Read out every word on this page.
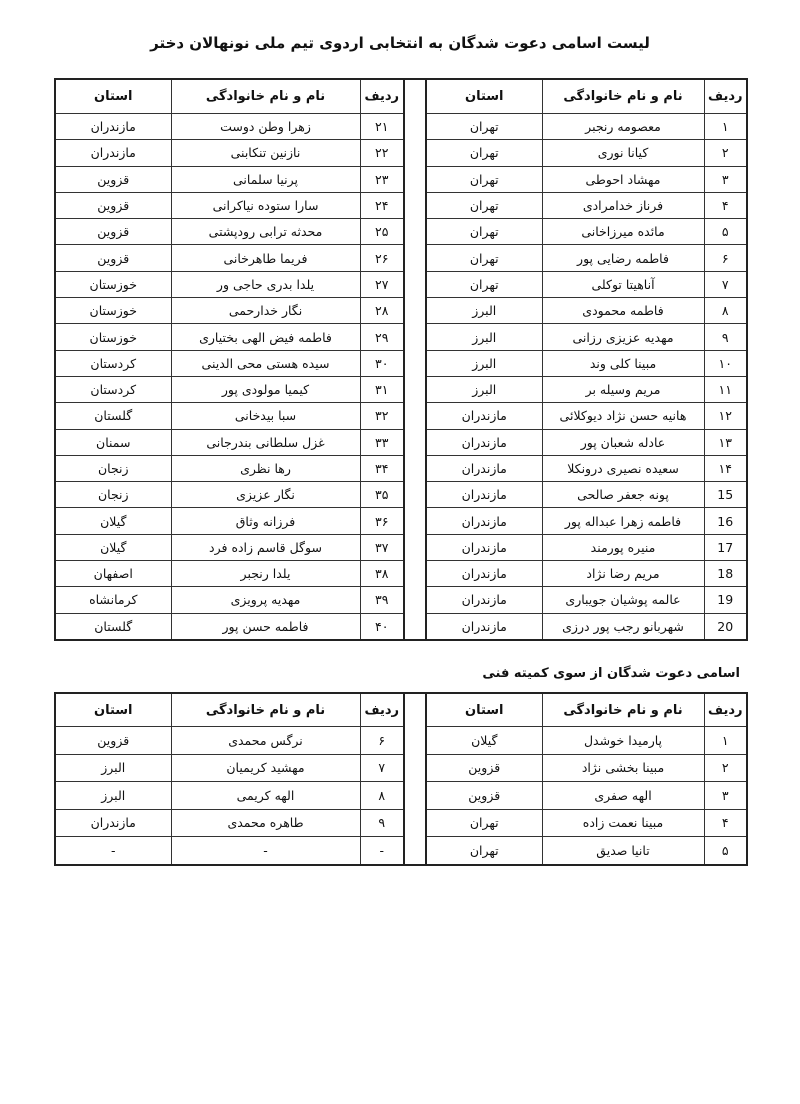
لیست اسامی دعوت شدگان به انتخابی اردوی تیم ملی نونهالان دختر
ردیف	نام و نام خانوادگی	استان		ردیف	نام و نام خانوادگی	استان
۱	معصومه رنجبر	تهران		۲۱	زهرا وطن دوست	مازندران
۲	کیانا نوری	تهران		۲۲	نازنین تنکابنی	مازندران
۳	مهشاد احوطی	تهران		۲۳	پرنیا سلمانی	قزوین
۴	فرناز خدامرادی	تهران		۲۴	سارا ستوده نیاکرانی	قزوین
۵	مائده میرزاخانی	تهران		۲۵	محدثه ترابی رودپشتی	قزوین
۶	فاطمه رضایی پور	تهران		۲۶	فریما طاهرخانی	قزوین
۷	آناهیتا توکلی	تهران		۲۷	یلدا بدری حاجی ور	خوزستان
۸	فاطمه محمودی	البرز		۲۸	نگار خدارحمی	خوزستان
۹	مهدیه عزیزی رزانی	البرز		۲۹	فاطمه فیض الهی بختیاری	خوزستان
۱۰	مبینا کلی وند	البرز		۳۰	سیده هستی محی الدینی	کردستان
۱۱	مریم وسیله بر	البرز		۳۱	کیمیا مولودی پور	کردستان
۱۲	هانیه حسن نژاد دیوکلائی	مازندران		۳۲	سبا بیدخانی	گلستان
۱۳	عادله شعبان پور	مازندران		۳۳	غزل سلطانی بندرجانی	سمنان
۱۴	سعیده نصیری درونکلا	مازندران		۳۴	رها نظری	زنجان
15	پونه جعفر صالحی	مازندران		۳۵	نگار عزیزی	زنجان
16	فاطمه زهرا عبداله پور	مازندران		۳۶	فرزانه وثاق	گیلان
17	منیره پورمند	مازندران		۳۷	سوگل قاسم زاده فرد	گیلان
18	مریم رضا نژاد	مازندران		۳۸	یلدا رنجبر	اصفهان
19	عالمه پوشیان جویباری	مازندران		۳۹	مهدیه پرویزی	کرمانشاه
20	شهربانو رجب پور درزی	مازندران		۴۰	فاطمه حسن پور	گلستان
اسامی دعوت شدگان از سوی کمیته فنی
ردیف	نام و نام خانوادگی	استان		ردیف	نام و نام خانوادگی	استان
۱	پارمیدا خوشدل	گیلان		۶	نرگس محمدی	قزوین
۲	مبینا بخشی نژاد	قزوین		۷	مهشید کریمیان	البرز
۳	الهه صفری	قزوین		۸	الهه کریمی	البرز
۴	مبینا نعمت زاده	تهران		۹	طاهره محمدی	مازندران
۵	تانیا صدیق	تهران		-	-	-
